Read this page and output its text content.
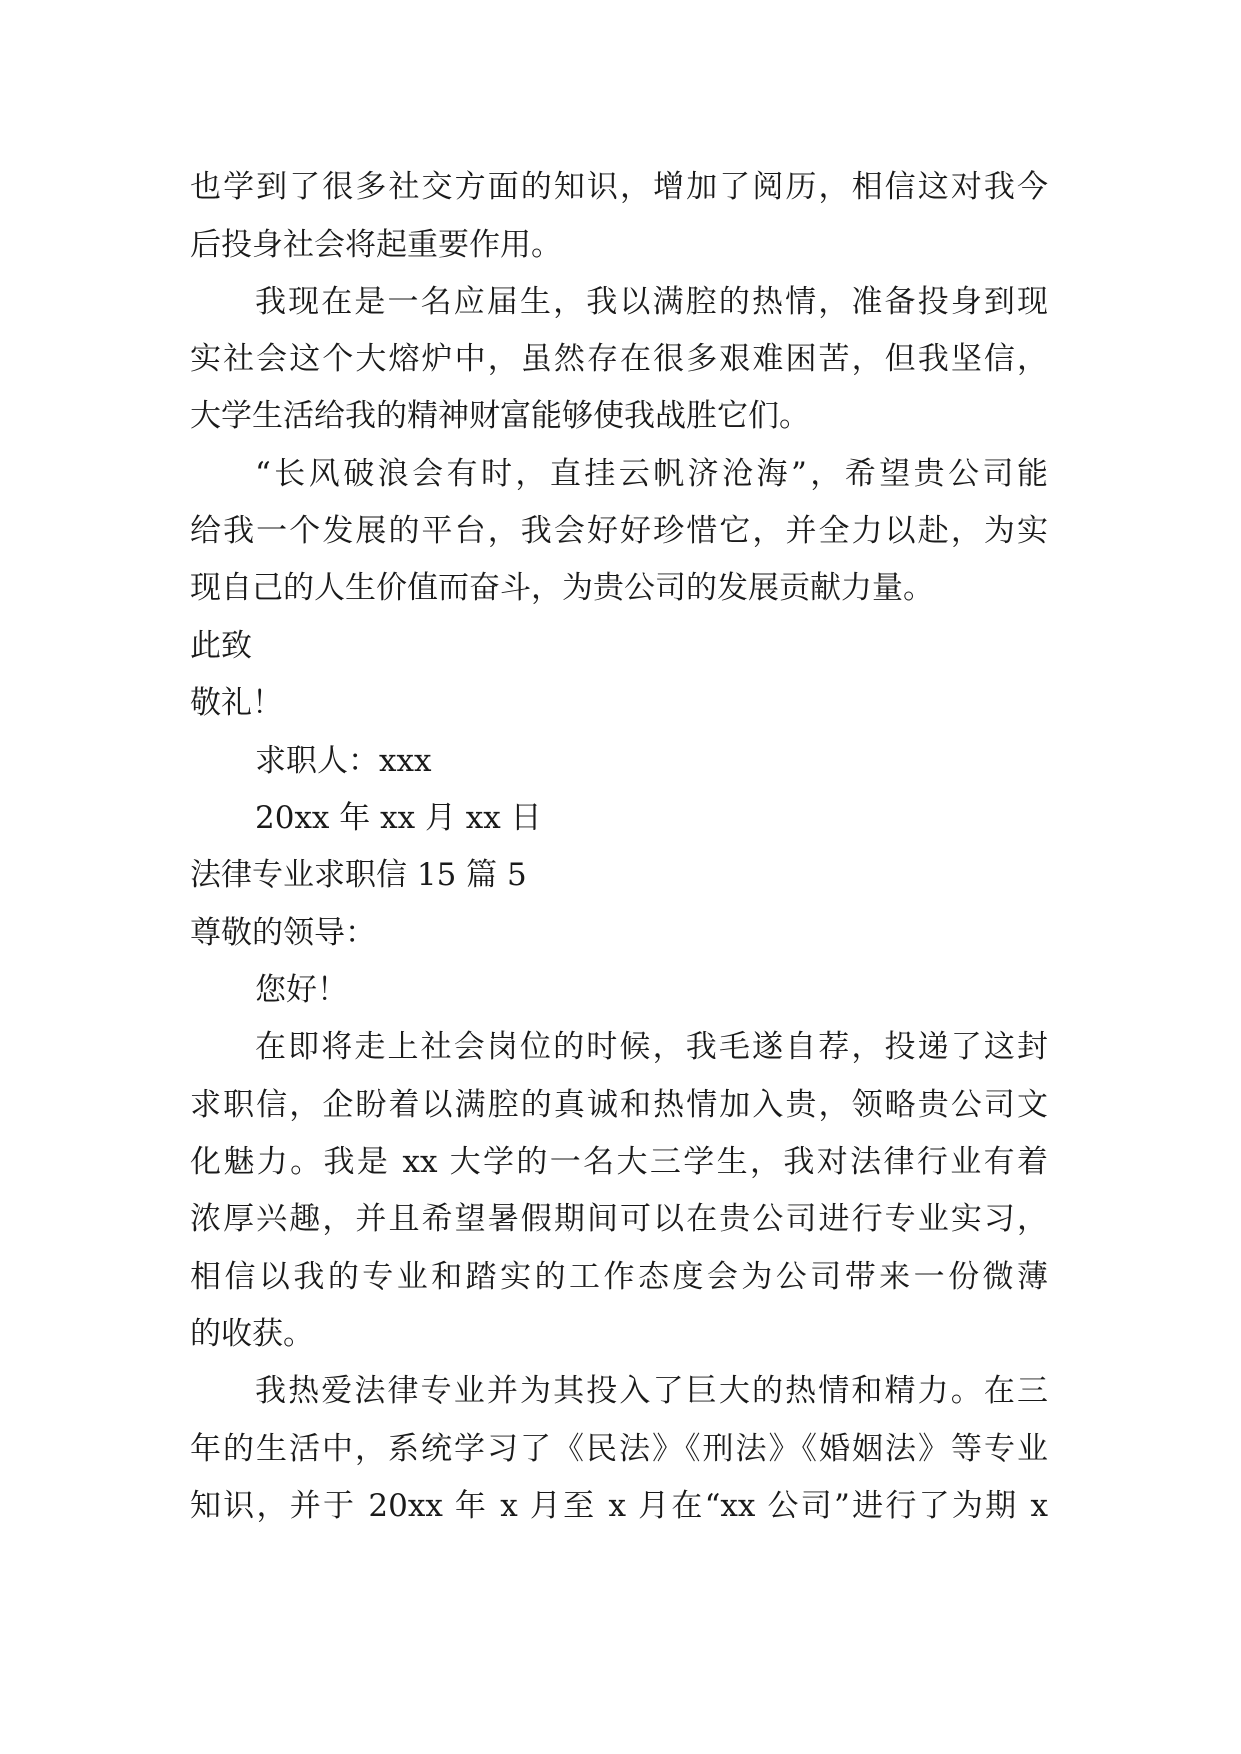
也学到了很多社交方面的知识，增加了阅历，相信这对我今
后投身社会将起重要作用。
我现在是一名应届生，我以满腔的热情，准备投身到现
实社会这个大熔炉中，虽然存在很多艰难困苦，但我坚信，
大学生活给我的精神财富能够使我战胜它们。
“长风破浪会有时，直挂云帆济沧海”，希望贵公司能
给我一个发展的平台，我会好好珍惜它，并全力以赴，为实
现自己的人生价值而奋斗，为贵公司的发展贡献力量。
此致
敬礼！
求职人：xxx
20xx 年 xx 月 xx 日
法律专业求职信 15 篇 5
尊敬的领导：
您好！
在即将走上社会岗位的时候，我毛遂自荐，投递了这封
求职信，企盼着以满腔的真诚和热情加入贵，领略贵公司文
化魅力。我是 xx 大学的一名大三学生，我对法律行业有着
浓厚兴趣，并且希望暑假期间可以在贵公司进行专业实习，
相信以我的专业和踏实的工作态度会为公司带来一份微薄
的收获。
我热爱法律专业并为其投入了巨大的热情和精力。在三
年的生活中，系统学习了《民法》《刑法》《婚姻法》等专业
知识，并于 20xx 年 x 月至 x 月在“xx 公司”进行了为期 x
